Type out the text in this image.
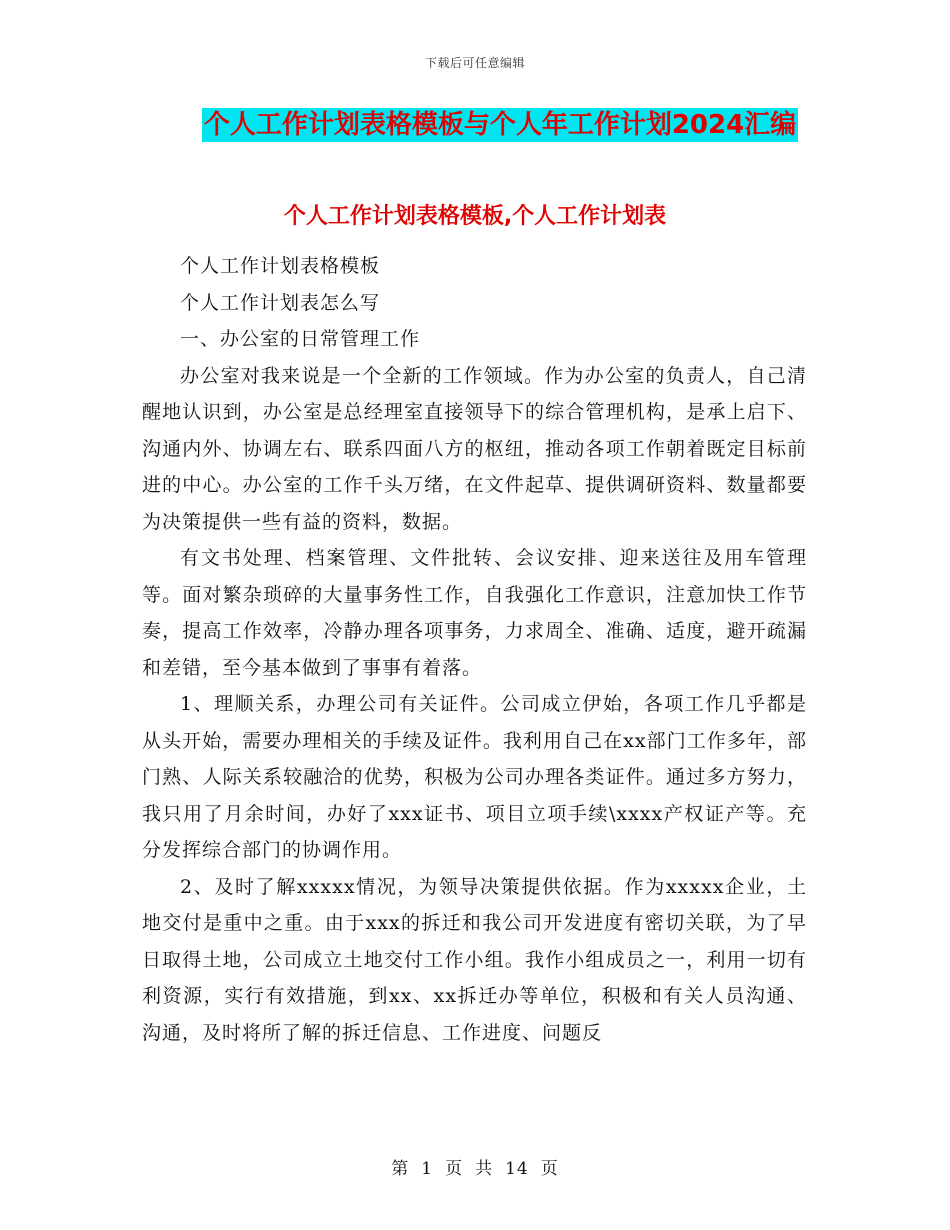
下载后可任意编辑
个人工作计划表格模板与个人年工作计划2024汇编
个人工作计划表格模板,个人工作计划表

个人工作计划表格模板

个人工作计划表怎么写

一、办公室的日常管理工作

办公室对我来说是一个全新的工作领域。作为办公室的负责人，自己清醒地认识到，办公室是总经理室直接领导下的综合管理机构，是承上启下、沟通内外、协调左右、联系四面八方的枢纽，推动各项工作朝着既定目标前进的中心。办公室的工作千头万绪，在文件起草、提供调研资料、数量都要为决策提供一些有益的资料，数据。

有文书处理、档案管理、文件批转、会议安排、迎来送往及用车管理等。面对繁杂琐碎的大量事务性工作，自我强化工作意识，注意加快工作节奏，提高工作效率，冷静办理各项事务，力求周全、准确、适度，避开疏漏和差错，至今基本做到了事事有着落。

1、理顺关系，办理公司有关证件。公司成立伊始，各项工作几乎都是从头开始，需要办理相关的手续及证件。我利用自己在xx部门工作多年，部门熟、人际关系较融洽的优势，积极为公司办理各类证件。通过多方努力，我只用了月余时间，办好了xxx证书、项目立项手续\xxxx产权证产等。充分发挥综合部门的协调作用。

2、及时了解xxxxx情况，为领导决策提供依据。作为xxxxx企业，土地交付是重中之重。由于xxx的拆迁和我公司开发进度有密切关联，为了早日取得土地，公司成立土地交付工作小组。我作小组成员之一，利用一切有利资源，实行有效措施，到xx、xx拆迁办等单位，积极和有关人员沟通、沟通，及时将所了解的拆迁信息、工作进度、问题反

第 1 页 共 14 页
